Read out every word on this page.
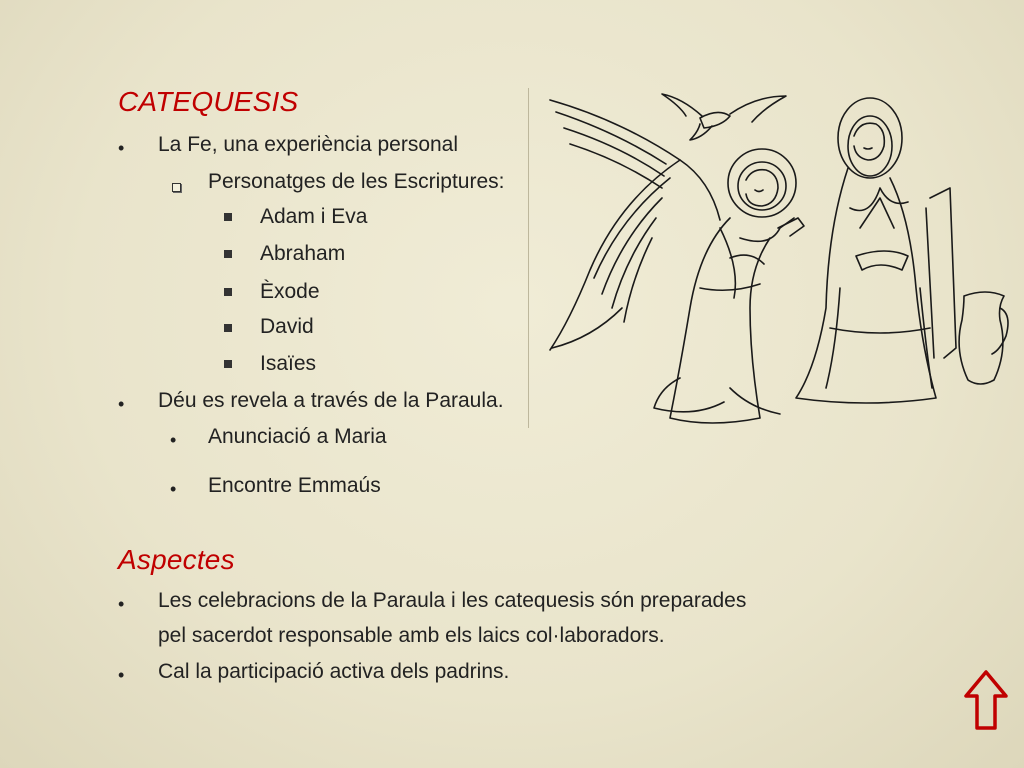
CATEQUESIS
• La Fe, una experiència personal
Personatges de les Escriptures:
Adam i Eva
Abraham
Èxode
David
Isaïes
• Déu es revela a través de la Paraula.
• Anunciació a Maria
• Encontre Emmaús
Aspectes
• Les celebracions de la Paraula i les catequesis són preparades
pel sacerdot responsable amb els laics col·laboradors.
• Cal la participació activa dels padrins.
